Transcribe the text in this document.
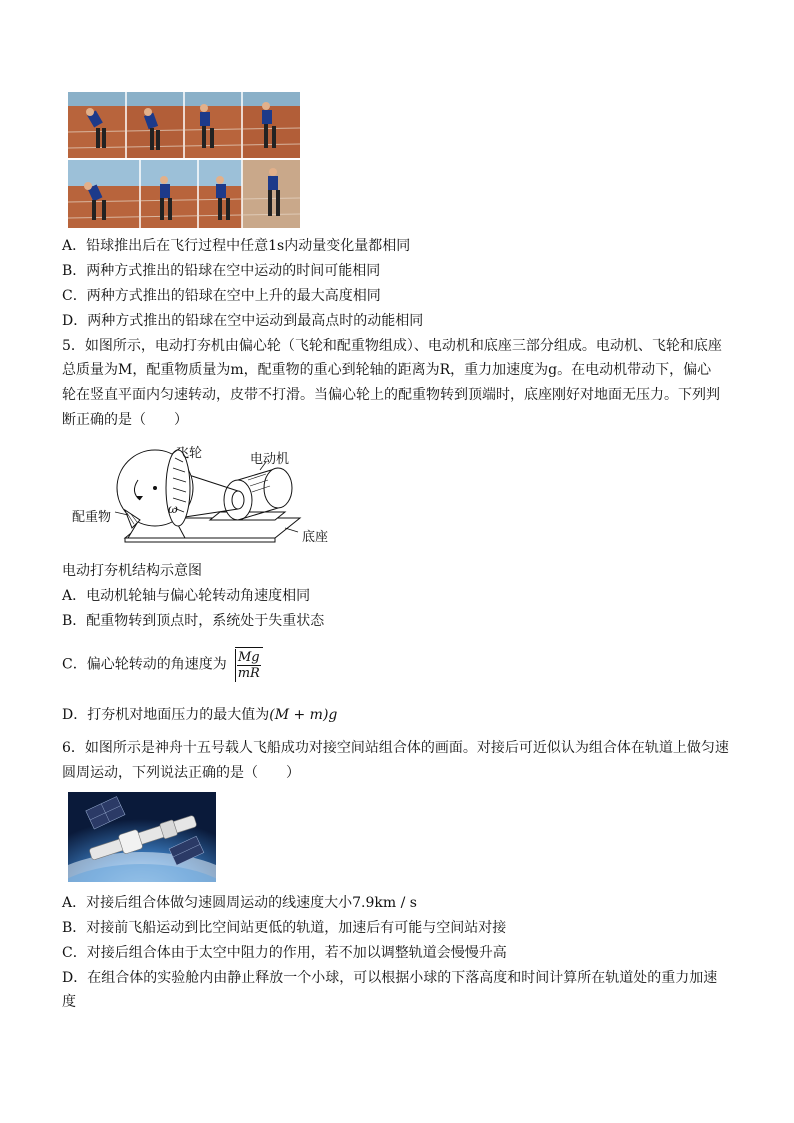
A．铅球推出后在飞行过程中任意1s内动量变化量都相同
B．两种方式推出的铅球在空中运动的时间可能相同
C．两种方式推出的铅球在空中上升的最大高度相同
D．两种方式推出的铅球在空中运动到最高点时的动能相同
5．如图所示，电动打夯机由偏心轮（飞轮和配重物组成）、电动机和底座三部分组成。电动机、飞轮和底座
总质量为M，配重物质量为m，配重物的重心到轮轴的距离为R，重力加速度为g。在电动机带动下，偏心
轮在竖直平面内匀速转动，皮带不打滑。当偏心轮上的配重物转到顶端时，底座刚好对地面无压力。下列判
断正确的是（　　）
飞轮	电动机
配重物
ω
底座
电动打夯机结构示意图
A．电动机轮轴与偏心轮转动角速度相同
B．配重物转到顶点时，系统处于失重状态
C．偏心轮转动的角速度为 $\frac{Mg}{mR}$
D．打夯机对地面压力的最大值为(M + m)g
6．如图所示是神舟十五号载人飞船成功对接空间站组合体的画面。对接后可近似认为组合体在轨道上做匀速
圆周运动，下列说法正确的是（　　）
A．对接后组合体做匀速圆周运动的线速度大小7.9km / s
B．对接前飞船运动到比空间站更低的轨道，加速后有可能与空间站对接
C．对接后组合体由于太空中阻力的作用，若不加以调整轨道会慢慢升高
D．在组合体的实验舱内由静止释放一个小球，可以根据小球的下落高度和时间计算所在轨道处的重力加速
度
